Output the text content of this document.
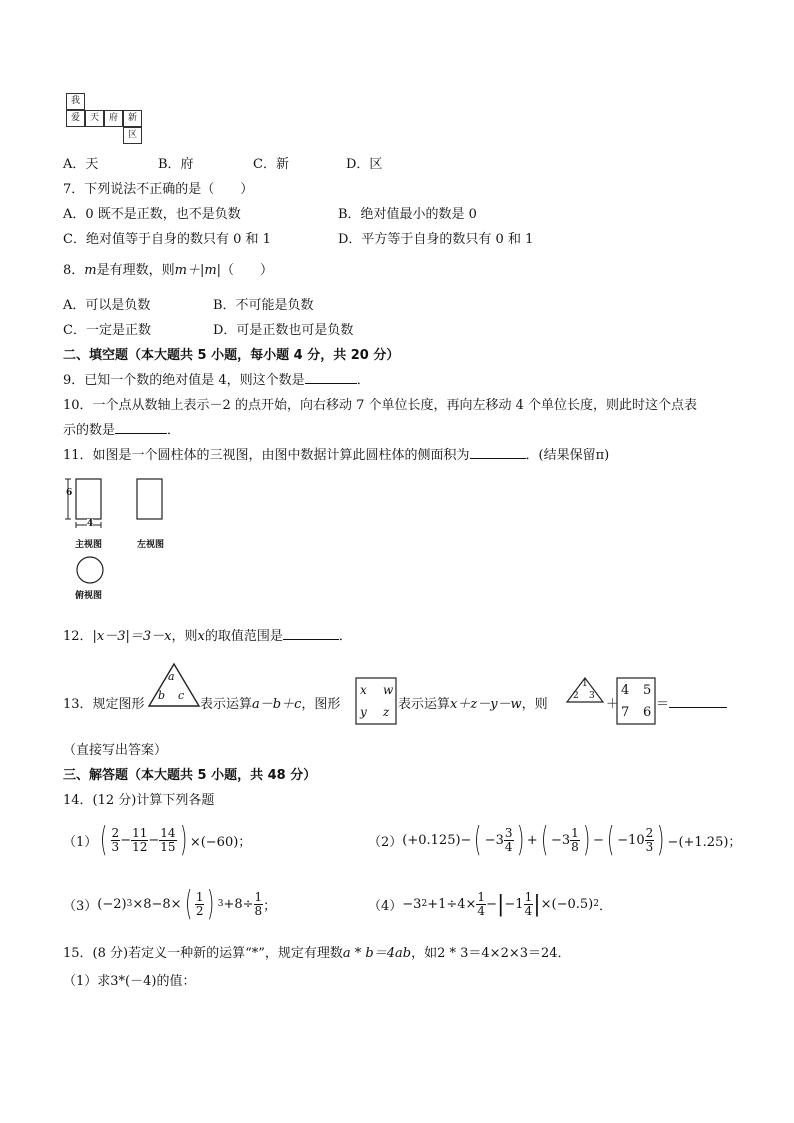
我
爱	天	府	新
区
A．天	B．府	C．新	D．区
7．下列说法不正确的是（　　）
A．0 既不是正数，也不是负数	B．绝对值最小的数是 0
C．绝对值等于自身的数只有 0 和 1	D．平方等于自身的数只有 0 和 1
8．m是有理数，则m＋|m|（　　）
A．可以是负数	B．不可能是负数
C．一定是正数	D．可是正数也可是负数
二、填空题（本大题共 5 小题，每小题 4 分，共 20 分）
9．已知一个数的绝对值是 4，则这个数是	．
10．一个点从数轴上表示－2 的点开始，向右移动 7 个单位长度，再向左移动 4 个单位长度，则此时这个点表
示的数是	．
11．如图是一个圆柱体的三视图，由图中数据计算此圆柱体的侧面积为	．(结果保留π)
6
4
主视图	左视图
俯视图
12．|x－3|＝3－x，则x的取值范围是	．
13．规定图形
a
b c
表示运算a－b＋c，图形
x w
y z 表示运算x＋z－y－w，则
1
2 3
＋
4 5
7 6
＝
（直接写出答案）
三、解答题（本大题共 5 小题，共 48 分）
14．(12 分)计算下列各题
（1） ( $\frac{2}{3} - \frac{11}{12} - \frac{14}{15}$ ) ×(−60)；	（2） (+0.125)− ( $-3 \frac{3}{4}$ ) + ( $-3 \frac{1}{8}$ ) − ( $-10 \frac{2}{3}$ ) −(+1.25)；
（3） (−2) 3 ×8−8× ( $\frac{1}{2}$ ) $3 +8\div \frac{1}{8}$ ；	（4） −3 $2 +1\div 4\times \frac{1}{4}$ − | $-1 \frac{1}{4}$ | ×(−0.5) 2 ．
15．(8 分)若定义一种新的运算“*”，规定有理数a * b＝4ab，如2 * 3＝4×2×3＝24．
（1）求3*(－4)的值：
